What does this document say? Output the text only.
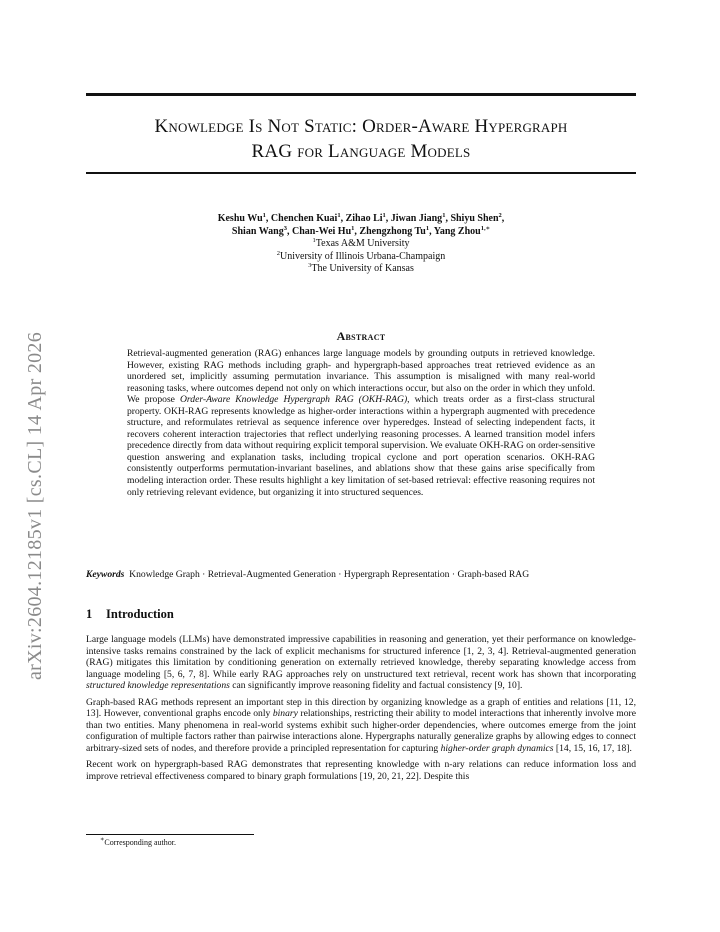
arXiv:2604.12185v1 [cs.CL] 14 Apr 2026
Knowledge Is Not Static: Order-Aware Hypergraph
RAG for Language Models
Keshu Wu$^1$, Chenchen Kuai$^1$, Zihao Li$^1$, Jiwan Jiang$^1$, Shiyu Shen$^2$,
Shian Wang$^3$, Chan-Wei Hu$^1$, Zhengzhong Tu$^1$, Yang Zhou$^{1,∗}$
$^1$Texas A&M University
$^2$University of Illinois Urbana-Champaign
$^3$The University of Kansas
Abstract
Retrieval-augmented generation (RAG) enhances large language models by grounding outputs in retrieved knowledge. However, existing RAG methods including graph- and hypergraph-based approaches treat retrieved evidence as an unordered set, implicitly assuming permutation invariance. This assumption is misaligned with many real-world reasoning tasks, where outcomes depend not only on which interactions occur, but also on the order in which they unfold. We propose Order-Aware Knowledge Hypergraph RAG (OKH-RAG), which treats order as a first-class structural property. OKH-RAG represents knowledge as higher-order interactions within a hypergraph augmented with precedence structure, and reformulates retrieval as sequence inference over hyperedges. Instead of selecting independent facts, it recovers coherent interaction trajectories that reflect underlying reasoning processes. A learned transition model infers precedence directly from data without requiring explicit temporal supervision. We evaluate OKH-RAG on order-sensitive question answering and explanation tasks, including tropical cyclone and port operation scenarios. OKH-RAG consistently outperforms permutation-invariant baselines, and ablations show that these gains arise specifically from modeling interaction order. These results highlight a key limitation of set-based retrieval: effective reasoning requires not only retrieving relevant evidence, but organizing it into structured sequences.
Keywords Knowledge Graph · Retrieval-Augmented Generation · Hypergraph Representation · Graph-based RAG
1 Introduction

Large language models (LLMs) have demonstrated impressive capabilities in reasoning and generation, yet their performance on knowledge-intensive tasks remains constrained by the lack of explicit mechanisms for structured inference [1, 2, 3, 4]. Retrieval-augmented generation (RAG) mitigates this limitation by conditioning generation on externally retrieved knowledge, thereby separating knowledge access from language modeling [5, 6, 7, 8]. While early RAG approaches rely on unstructured text retrieval, recent work has shown that incorporating structured knowledge representations can significantly improve reasoning fidelity and factual consistency [9, 10].

Graph-based RAG methods represent an important step in this direction by organizing knowledge as a graph of entities and relations [11, 12, 13]. However, conventional graphs encode only binary relationships, restricting their ability to model interactions that inherently involve more than two entities. Many phenomena in real-world systems exhibit such higher-order dependencies, where outcomes emerge from the joint configuration of multiple factors rather than pairwise interactions alone. Hypergraphs naturally generalize graphs by allowing edges to connect arbitrary-sized sets of nodes, and therefore provide a principled representation for capturing higher-order graph dynamics [14, 15, 16, 17, 18].

Recent work on hypergraph-based RAG demonstrates that representing knowledge with n-ary relations can reduce information loss and improve retrieval effectiveness compared to binary graph formulations [19, 20, 21, 22]. Despite this

∗Corresponding author.
